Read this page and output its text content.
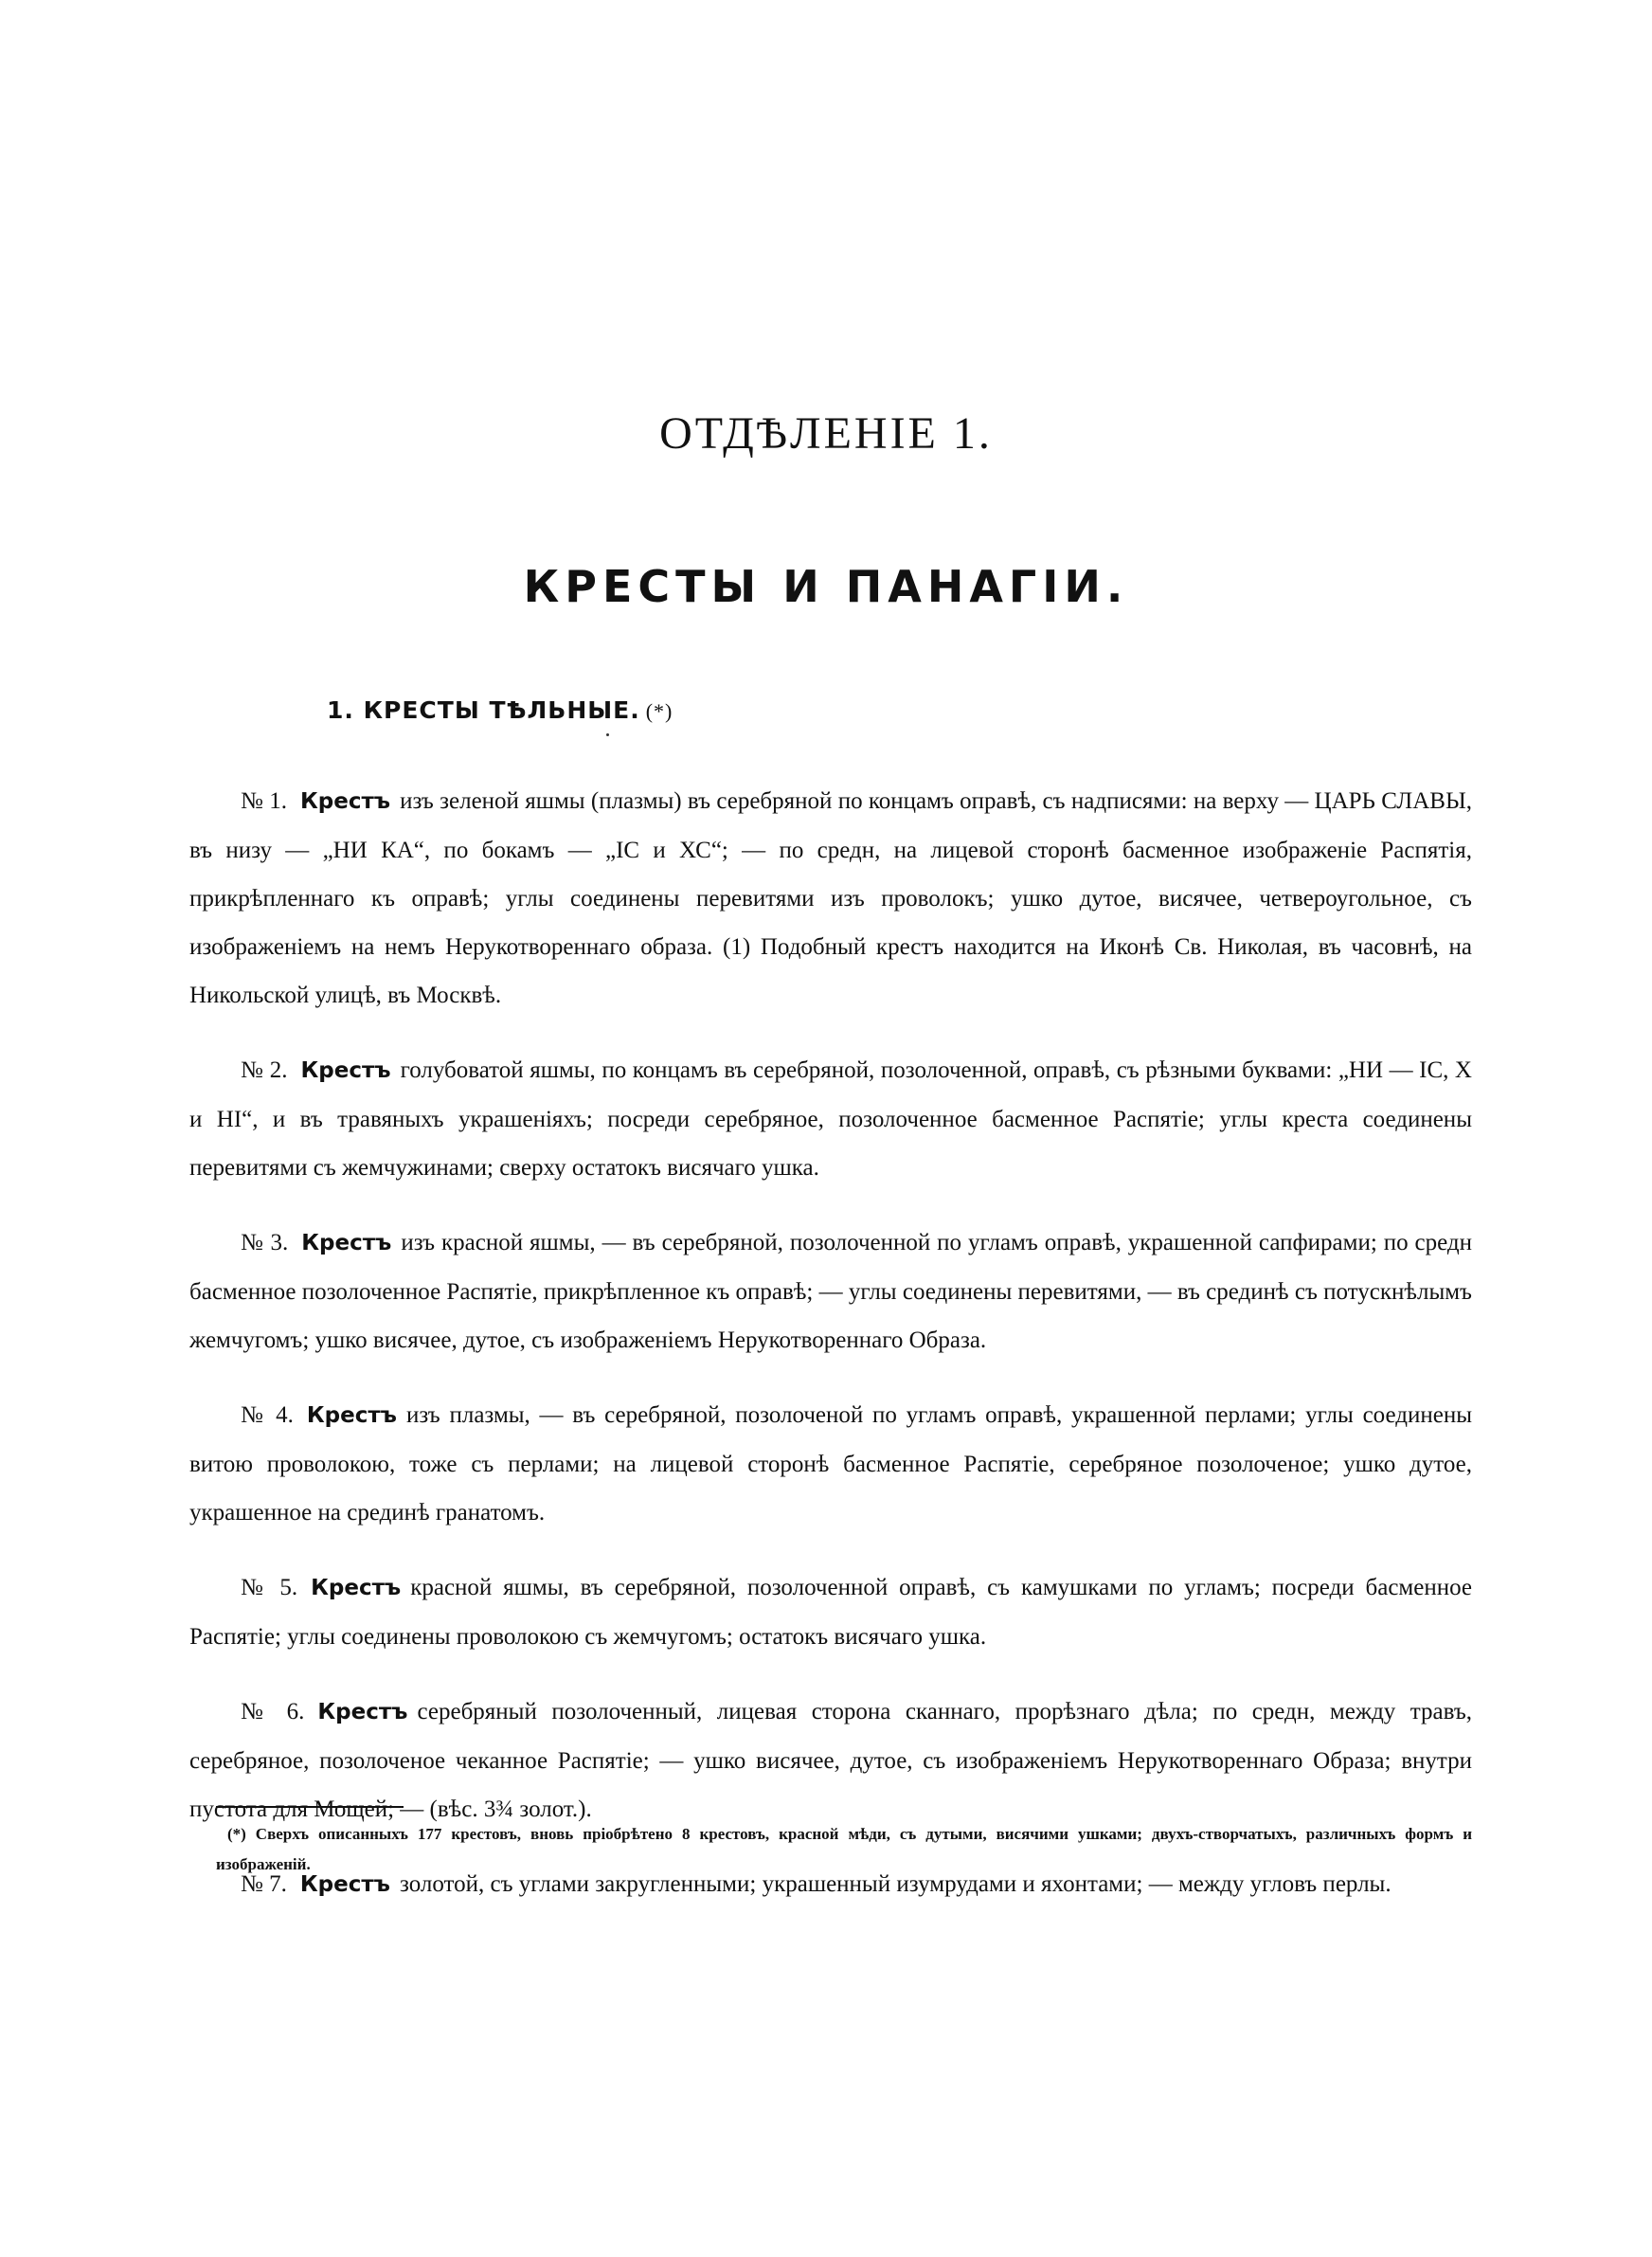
ОТДѢЛЕНІЕ 1.
КРЕСТЫ И ПАНАГІИ.
1. КРЕСТЫ ТѢЛЬНЫЕ. (*)

№ 1. Крестъ изъ зеленой яшмы (плазмы) въ серебряной по концамъ оправѣ, съ надписями: на верху — ЦАРЬ СЛАВЫ, въ низу — „НИ КА“, по бокамъ — „IС и ХС“; — по средн, на лицевой сторонѣ басменное изображеніе Распятія, прикрѣпленнаго къ оправѣ; углы соединены перевитями изъ проволокъ; ушко дутое, висячее, четвероугольное, съ изображеніемъ на немъ Нерукотвореннаго образа. (1) Подобный крестъ находится на Иконѣ Св. Николая, въ часовнѣ, на Никольской улицѣ, въ Москвѣ.

№ 2. Крестъ голубоватой яшмы, по концамъ въ серебряной, позолоченной, оправѣ, съ рѣзными буквами: „НИ — IС, Х и НІ“, и въ травяныхъ украшеніяхъ; посреди серебряное, позолоченное басменное Распятіе; углы креста соединены перевитями съ жемчужинами; сверху остатокъ висячаго ушка.

№ 3. Крестъ изъ красной яшмы, — въ серебряной, позолоченной по угламъ оправѣ, украшенной сапфирами; по средн басменное позолоченное Распятіе, прикрѣпленное къ оправѣ; — углы соединены перевитями, — въ срединѣ съ потускнѣлымъ жемчугомъ; ушко висячее, дутое, съ изображеніемъ Нерукотвореннаго Образа.

№ 4. Крестъ изъ плазмы, — въ серебряной, позолоченой по угламъ оправѣ, украшенной перлами; углы соединены витою проволокою, тоже съ перлами; на лицевой сторонѣ басменное Распятіе, серебряное позолоченое; ушко дутое, украшенное на срединѣ гранатомъ.

№ 5. Крестъ красной яшмы, въ серебряной, позолоченной оправѣ, съ камушками по угламъ; посреди басменное Распятіе; углы соединены проволокою съ жемчугомъ; остатокъ висячаго ушка.

№ 6. Крестъ серебряный позолоченный, лицевая сторона сканнаго, прорѣзнаго дѣла; по средн, между травъ, серебряное, позолоченое чеканное Распятіе; — ушко висячее, дутое, съ изображеніемъ Нерукотвореннаго Образа; внутри пустота для Мощей; — (вѣс. 3¾ золот.).

№ 7. Крестъ золотой, съ углами закругленными; украшенный изумрудами и яхонтами; — между угловъ перлы.

(*) Сверхъ описанныхъ 177 крестовъ, вновь пріобрѣтено 8 крестовъ, красной мѣди, съ дутыми, висячими ушками; двухъ-створчатыхъ, различныхъ формъ и изображеній.
